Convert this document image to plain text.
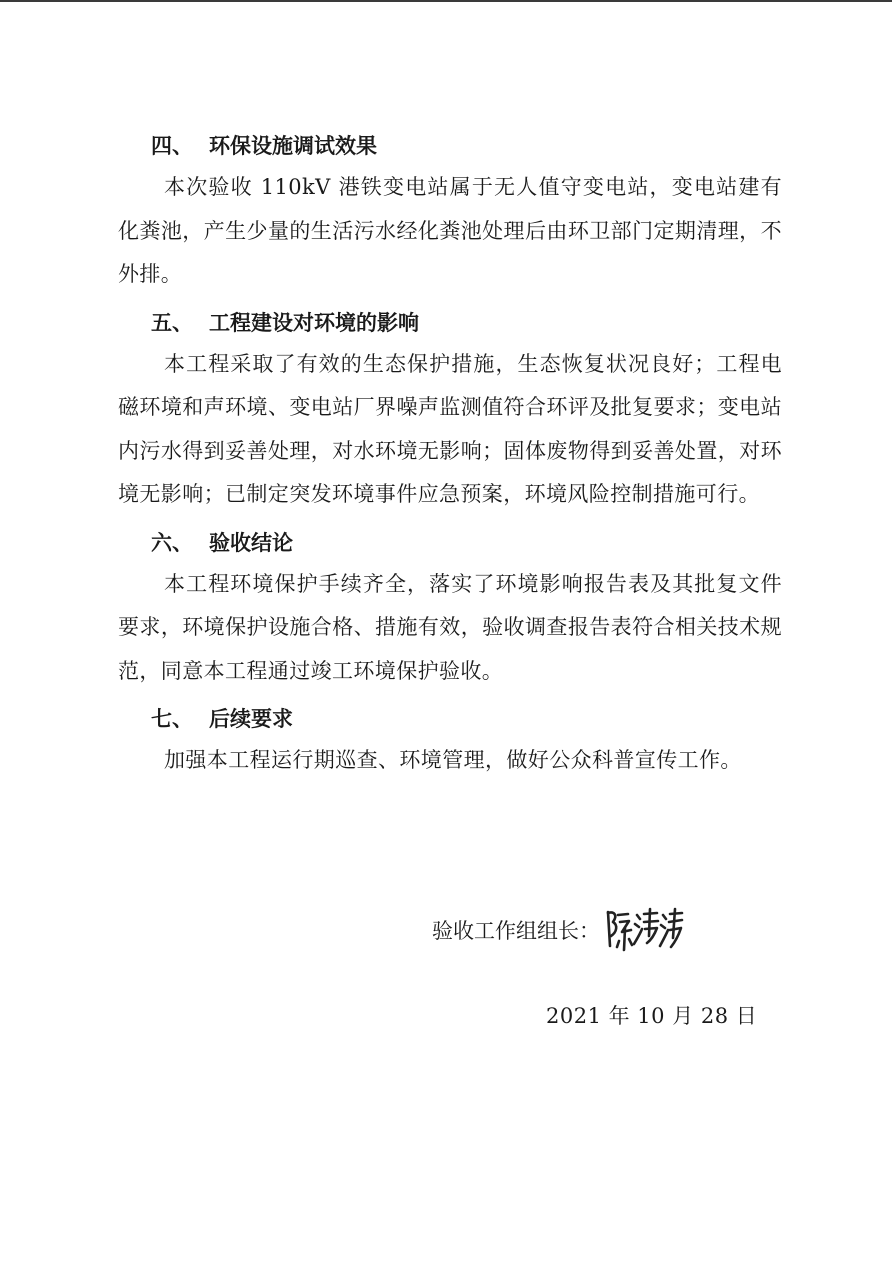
四、 环保设施调试效果

本次验收 110kV 港铁变电站属于无人值守变电站，变电站建有化粪池，产生少量的生活污水经化粪池处理后由环卫部门定期清理，不外排。

五、 工程建设对环境的影响

本工程采取了有效的生态保护措施，生态恢复状况良好；工程电磁环境和声环境、变电站厂界噪声监测值符合环评及批复要求；变电站内污水得到妥善处理，对水环境无影响；固体废物得到妥善处置，对环境无影响；已制定突发环境事件应急预案，环境风险控制措施可行。

六、 验收结论

本工程环境保护手续齐全，落实了环境影响报告表及其批复文件要求，环境保护设施合格、措施有效，验收调查报告表符合相关技术规范，同意本工程通过竣工环境保护验收。

七、 后续要求

加强本工程运行期巡查、环境管理，做好公众科普宣传工作。

验收工作组组长：
2021 年 10 月 28 日
